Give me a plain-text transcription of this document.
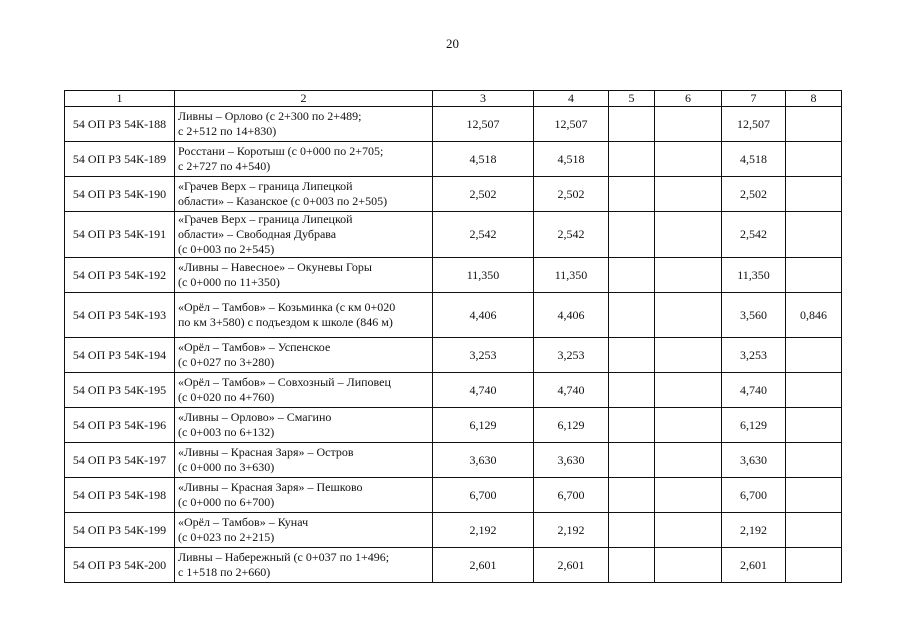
20
1	2	3	4	5	6	7	8
54 ОП РЗ 54К-188	Ливны – Орлово (с 2+300 по 2+489;
с 2+512 по 14+830)	12,507	12,507			12,507	
54 ОП РЗ 54К-189	Росстани – Коротыш (с 0+000 по 2+705;
с 2+727 по 4+540)	4,518	4,518			4,518	
54 ОП РЗ 54К-190	«Грачев Верх – граница Липецкой
области» – Казанское (с 0+003 по 2+505)	2,502	2,502			2,502	
54 ОП РЗ 54К-191	«Грачев Верх – граница Липецкой
области» – Свободная Дубрава
(с 0+003 по 2+545)	2,542	2,542			2,542	
54 ОП РЗ 54К-192	«Ливны – Навесное» – Окуневы Горы
(с 0+000 по 11+350)	11,350	11,350			11,350	
54 ОП РЗ 54К-193	«Орёл – Тамбов» – Козьминка (с км 0+020
по км 3+580) с подъездом к школе (846 м)	4,406	4,406			3,560	0,846
54 ОП РЗ 54К-194	«Орёл – Тамбов» – Успенское
(с 0+027 по 3+280)	3,253	3,253			3,253	
54 ОП РЗ 54К-195	«Орёл – Тамбов» – Совхозный – Липовец
(с 0+020 по 4+760)	4,740	4,740			4,740	
54 ОП РЗ 54К-196	«Ливны – Орлово» – Смагино
(с 0+003 по 6+132)	6,129	6,129			6,129	
54 ОП РЗ 54К-197	«Ливны – Красная Заря» – Остров
(с 0+000 по 3+630)	3,630	3,630			3,630	
54 ОП РЗ 54К-198	«Ливны – Красная Заря» – Пешково
(с 0+000 по 6+700)	6,700	6,700			6,700	
54 ОП РЗ 54К-199	«Орёл – Тамбов» – Кунач
(с 0+023 по 2+215)	2,192	2,192			2,192	
54 ОП РЗ 54К-200	Ливны – Набережный (с 0+037 по 1+496;
с 1+518 по 2+660)	2,601	2,601			2,601	
